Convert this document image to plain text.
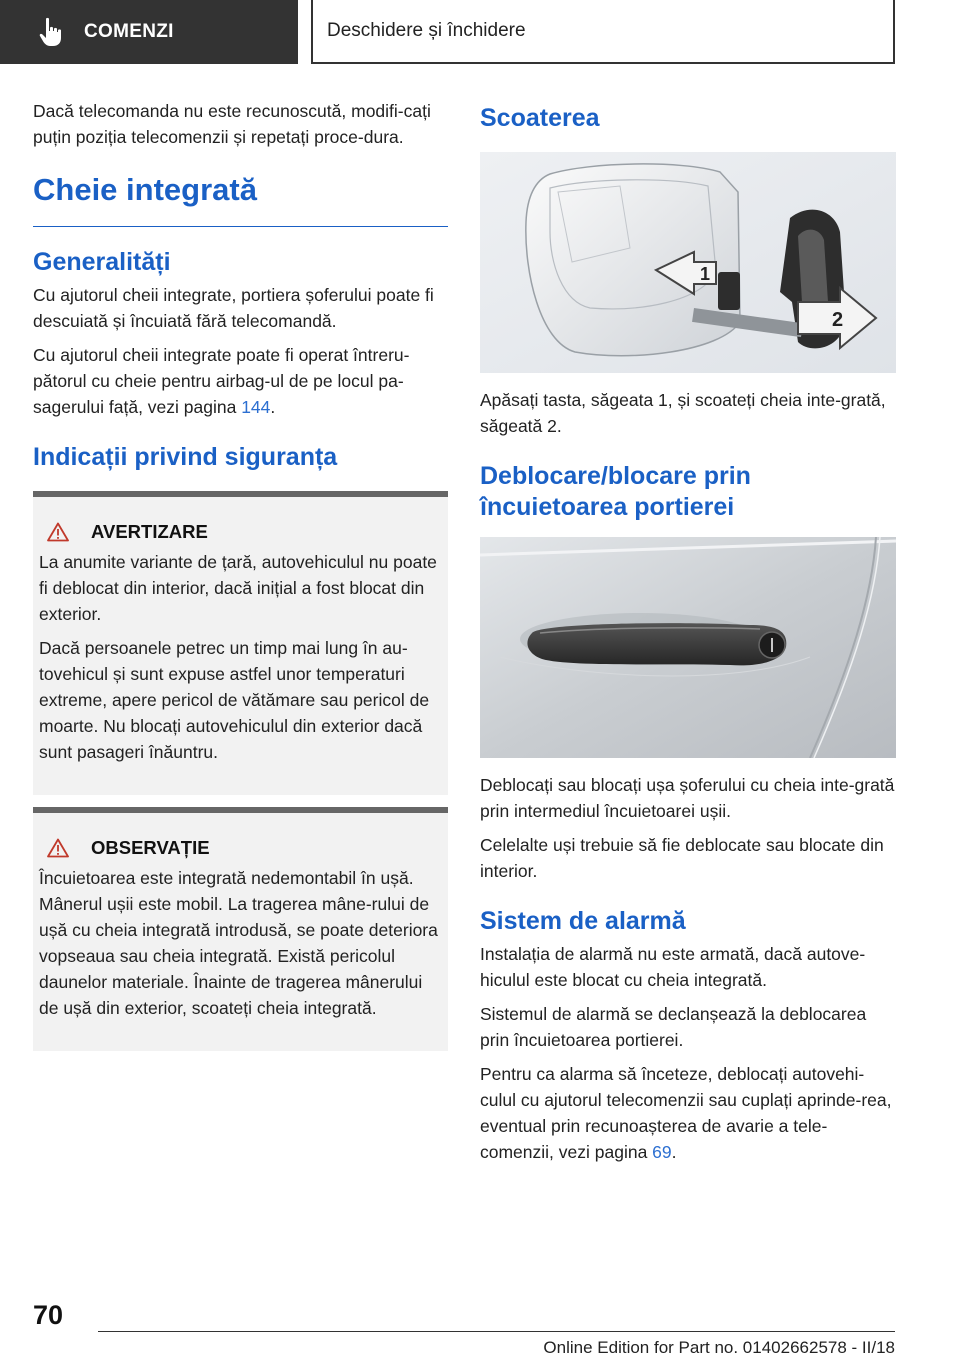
COMENZI	Deschidere și închidere

Dacă telecomanda nu este recunoscută, modifi‐cați puțin poziția telecomenzii și repetați proce‐dura.

Cheie integrată
Generalități

Cu ajutorul cheii integrate, portiera șoferului poate fi descuiată și încuiată fără telecomandă.

Cu ajutorul cheii integrate poate fi operat întreru‐pătorul cu cheie pentru airbag-ul de pe locul pa‐sagerului față, vezi pagina 144.

Indicații privind siguranța
AVERTIZARE

La anumite variante de țară, autovehiculul nu poate fi deblocat din interior, dacă inițial a fost blocat din exterior.

Dacă persoanele petrec un timp mai lung în au‐tovehicul și sunt expuse astfel unor temperaturi extreme, apere pericol de vătămare sau pericol de moarte. Nu blocați autovehiculul din exterior dacă sunt pasageri înăuntru.

OBSERVAȚIE

Încuietoarea este integrată nedemontabil în ușă. Mânerul ușii este mobil. La tragerea mâne‐rului de ușă cu cheia integrată introdusă, se poate deteriora vopseaua sau cheia integrată. Există pericolul daunelor materiale. Înainte de tragerea mânerului de ușă din exterior, scoateți cheia integrată.

Scoaterea
1
2

Apăsați tasta, săgeata 1, și scoateți cheia inte‐grată, săgeată 2.

Deblocare/blocare prin încuietoarea portierei

Deblocați sau blocați ușa șoferului cu cheia inte‐grată prin intermediul încuietoarei ușii.

Celelalte uși trebuie să fie deblocate sau blocate din interior.

Sistem de alarmă

Instalația de alarmă nu este armată, dacă autove‐hiculul este blocat cu cheia integrată.

Sistemul de alarmă se declanșează la deblocarea prin încuietoarea portierei.

Pentru ca alarma să înceteze, deblocați autovehi‐culul cu ajutorul telecomenzii sau cuplați aprinde‐rea, eventual prin recunoașterea de avarie a tele‐comenzii, vezi pagina 69.

70
Online Edition for Part no. 01402662578 - II/18
